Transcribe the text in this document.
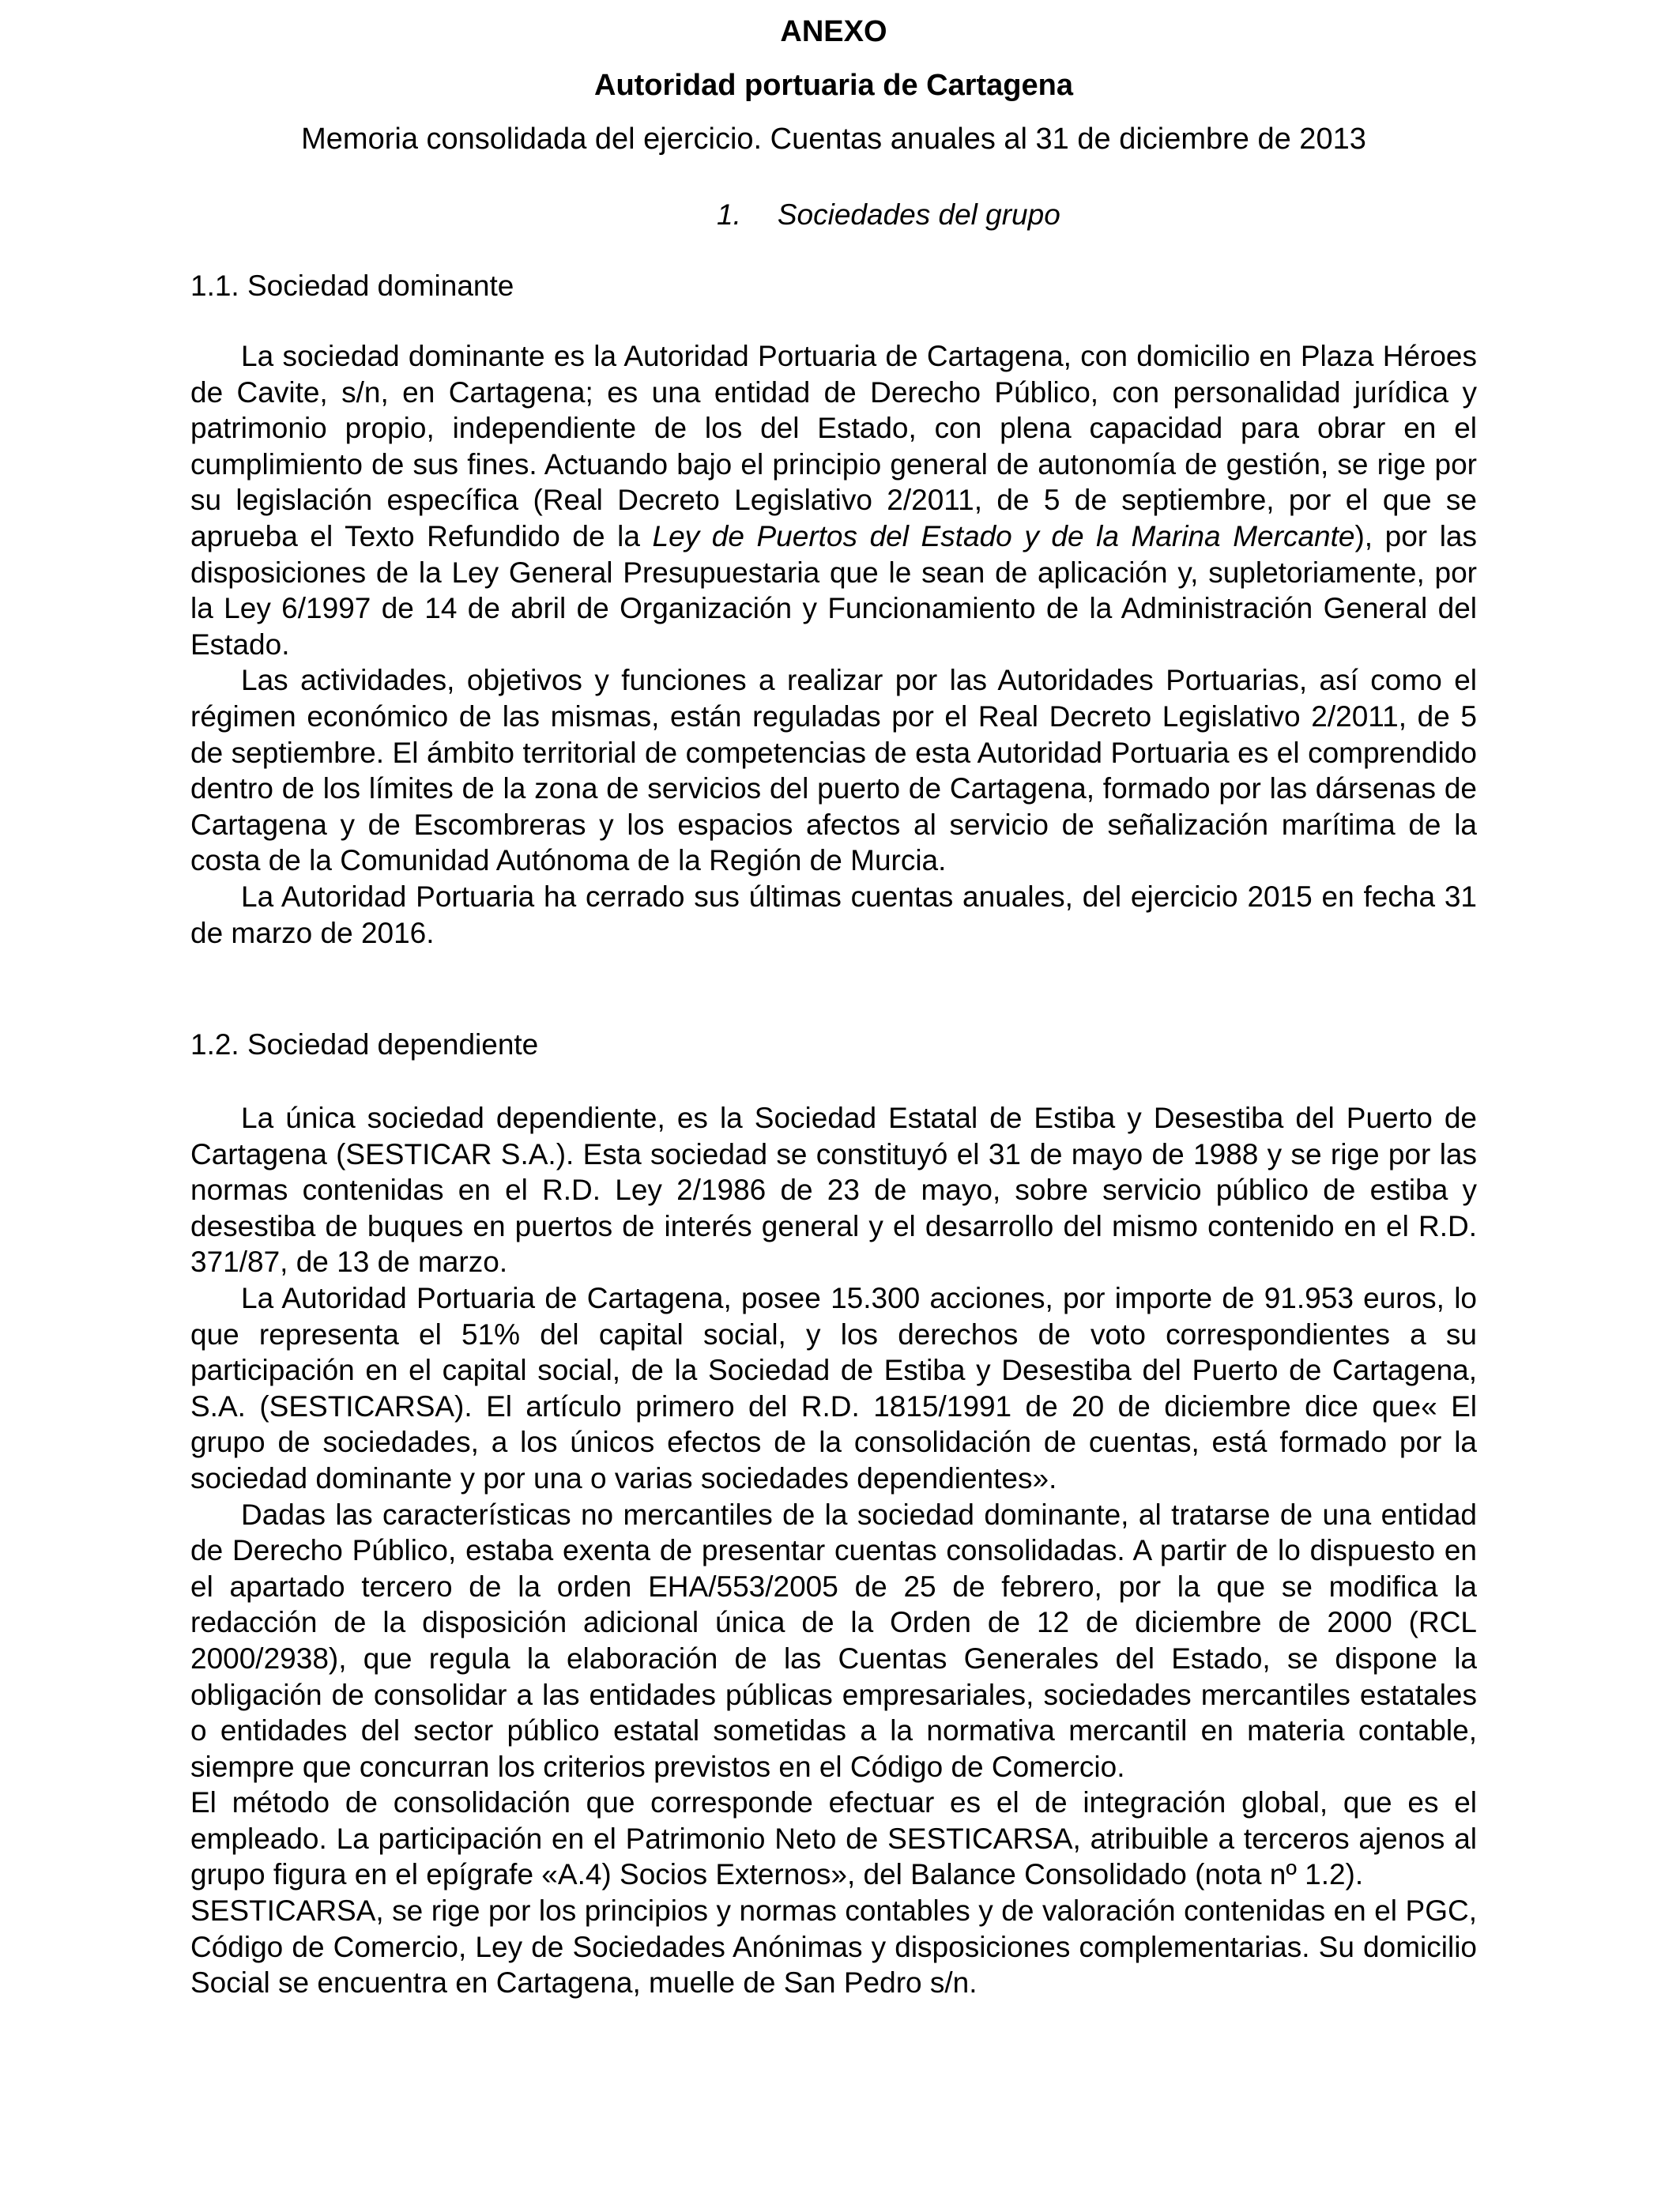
ANEXO
Autoridad portuaria de Cartagena
Memoria consolidada del ejercicio. Cuentas anuales al 31 de diciembre de 2013
1. Sociedades del grupo
1.1. Sociedad dominante

La sociedad dominante es la Autoridad Portuaria de Cartagena, con domicilio en Plaza Héroes de Cavite, s/n, en Cartagena; es una entidad de Derecho Público, con personalidad jurídica y patrimonio propio, independiente de los del Estado, con plena capacidad para obrar en el cumplimiento de sus fines. Actuando bajo el principio general de autonomía de gestión, se rige por su legislación específica (Real Decreto Legislativo 2/2011, de 5 de septiembre, por el que se aprueba el Texto Refundido de la Ley de Puertos del Estado y de la Marina Mercante), por las disposiciones de la Ley General Presupuestaria que le sean de aplicación y, supletoriamente, por la Ley 6/1997 de 14 de abril de Organización y Funcionamiento de la Administración General del Estado.

Las actividades, objetivos y funciones a realizar por las Autoridades Portuarias, así como el régimen económico de las mismas, están reguladas por el Real Decreto Legislativo 2/2011, de 5 de septiembre. El ámbito territorial de competencias de esta Autoridad Portuaria es el comprendido dentro de los límites de la zona de servicios del puerto de Cartagena, formado por las dársenas de Cartagena y de Escombreras y los espacios afectos al servicio de señalización marítima de la costa de la Comunidad Autónoma de la Región de Murcia.

La Autoridad Portuaria ha cerrado sus últimas cuentas anuales, del ejercicio 2015 en fecha 31 de marzo de 2016.

1.2. Sociedad dependiente

La única sociedad dependiente, es la Sociedad Estatal de Estiba y Desestiba del Puerto de Cartagena (SESTICAR S.A.). Esta sociedad se constituyó el 31 de mayo de 1988 y se rige por las normas contenidas en el R.D. Ley 2/1986 de 23 de mayo, sobre servicio público de estiba y desestiba de buques en puertos de interés general y el desarrollo del mismo contenido en el R.D. 371/87, de 13 de marzo.

La Autoridad Portuaria de Cartagena, posee 15.300 acciones, por importe de 91.953 euros, lo que representa el 51% del capital social, y los derechos de voto correspondientes a su participación en el capital social, de la Sociedad de Estiba y Desestiba del Puerto de Cartagena, S.A. (SESTICARSA). El artículo primero del R.D. 1815/1991 de 20 de diciembre dice que« El grupo de sociedades, a los únicos efectos de la consolidación de cuentas, está formado por la sociedad dominante y por una o varias sociedades dependientes».

Dadas las características no mercantiles de la sociedad dominante, al tratarse de una entidad de Derecho Público, estaba exenta de presentar cuentas consolidadas. A partir de lo dispuesto en el apartado tercero de la orden EHA/553/2005 de 25 de febrero, por la que se modifica la redacción de la disposición adicional única de la Orden de 12 de diciembre de 2000 (RCL 2000/2938), que regula la elaboración de las Cuentas Generales del Estado, se dispone la obligación de consolidar a las entidades públicas empresariales, sociedades mercantiles estatales o entidades del sector público estatal sometidas a la normativa mercantil en materia contable, siempre que concurran los criterios previstos en el Código de Comercio.

El método de consolidación que corresponde efectuar es el de integración global, que es el empleado. La participación en el Patrimonio Neto de SESTICARSA, atribuible a terceros ajenos al grupo figura en el epígrafe «A.4) Socios Externos», del Balance Consolidado (nota nº 1.2).

SESTICARSA, se rige por los principios y normas contables y de valoración contenidas en el PGC, Código de Comercio, Ley de Sociedades Anónimas y disposiciones complementarias. Su domicilio Social se encuentra en Cartagena, muelle de San Pedro s/n.
